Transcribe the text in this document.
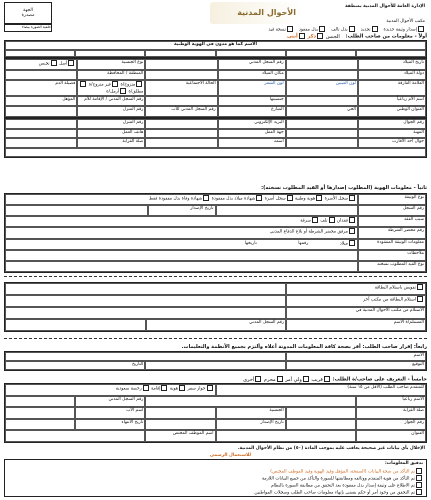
الجهة
مصدرة
خلفية الصورة بيضاء
الأحوال المدنية
الإدارة العامة للأحوال المدنية بمنطقة
مكتب الأحوال المدنية
إصدار وثيقة جديدة
تجديد
بدل تالف
بدل مفقود
نسخة قيد
أولاً - معلومات من صاحب الطلب: الجنس ذكر أنثى
الاسم كما هو مدون في الهوية الوطنية
تاريخ الميلاد
رقم السجل المدني
نوع الجنسية
أصل تجنس
دولة الميلاد
مكان الميلاد
المنطقة / المحافظة
العلامة الفارقة
لون العينين
لون الشعر
الحالة الاجتماعية
متزوج/ة غير متزوج/ة مطلق/ة أرمل/ة
فصيلة الدم
اسم الأم رباعياً
جنسيتها
رقم السجل المدني / الإقامة للأم
المؤهل
العنوان الوطني
الحي
الشارع
رقم السجل المدني للأب
رقم المنزل
رقم الجوال
البريد الإلكتروني
رقم المنزل
المهنة
جهة العمل
هاتف العمل
جوال أحد الأقارب
اسمه
صلة القرابة
ثانياً - معلومات الهوية (المطلوب إصدارها أو القيد المطلوب نسخته):
نوع الوثيقة
سجل الأسرة هوية وطنية سجل أسرة شهادة ميلاد بدل مفقودة شهادة وفاة بدل مفقودة فقط
رقم السجل
تاريخ الإصدار
سبب الفقد
فقدان تلف سرقة
رقم محضر الشرطة
مرفق محضر الشرطة أو بلاغ الدفاع المدني
معلومات الوثيقة المفقودة
ميلاد رقمها تاريخها
ملاحظات
نوع القيد المطلوب نسخته
تفويض باستلام البطاقة
استلام البطاقة من مكتب آخر
الاستلام من مكتب الأحوال المدنية في
المستلم/ة الاسم
رقم السجل المدني
رابعاً: إقرار صاحب الطلب: أقر بصحة كافة المعلومات المدونة أعلاه وألتزم بجميع الأنظمة والتعليمات.
الاسم
التوقيع
التاريخ
خامساً - التعريف على صاحب/ة الطلب: قريب ولي أمر محرم أخرى
للمتقدم صاحب الطلب (الأقل من ١٥ سنة)
جواز سفر هوية إقامة رخصة سعودية
الاسم رباعياً
رقم السجل المدني
صلة القرابة
الجنسية
اسم الأب
رقم الجواز
تاريخ الإصدار
تاريخ الانتهاء
العنوان
اسم الموظف المختص
الإخلال بأي بيانات غير صحيحة يعاقب عليه بموجب المادة (٥٠) من نظام الأحوال المدنية.
للاستعمال الرسمي
تدقيق المعلومات:
تم التأكد من صحة البيانات (الصفحة، المؤهل وقيد الهوية وقيد الموظف المختص)
تم التأكد من هوية المتقدم ووثائقه ومطابقتها للصورة والتأكد من جميع البيانات اللازمة
تم الاطلاع على وثيقة إصدار بدل مفقودة بعد التحقق من مطابقة الصورة بالنظام
تم التحقق من وجود أمر أو حكم يقضي بإنهاء معلومات صاحب الطلب وسجلات المواطنين
